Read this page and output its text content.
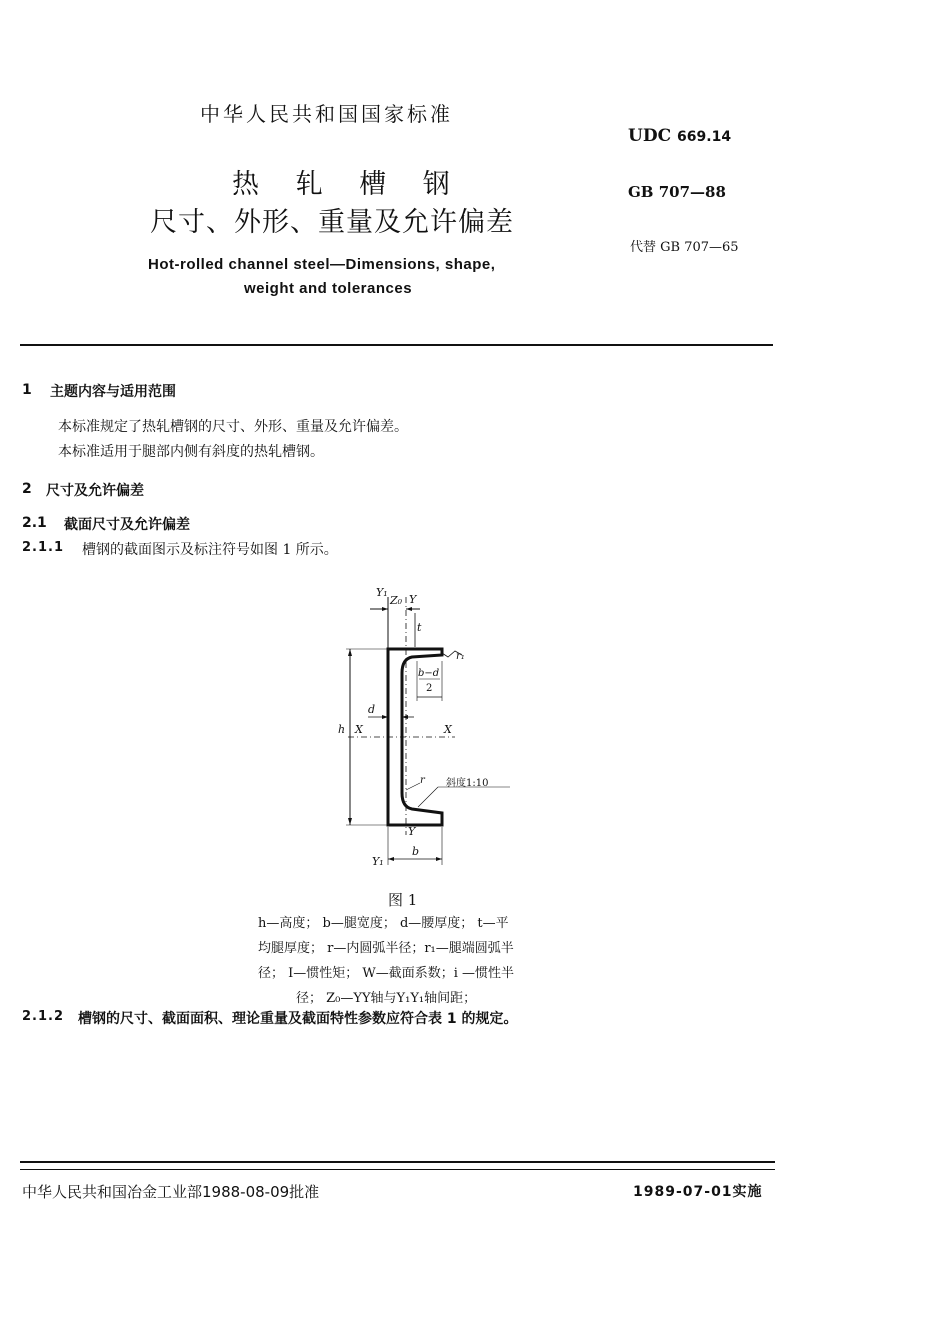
中华人民共和国国家标准
UDC 669.14
热 轧 槽 钢
尺寸、外形、重量及允许偏差
GB 707—88
代替 GB 707—65
Hot-rolled channel steel—Dimensions, shape,
weight and tolerances
1 主题内容与适用范围
本标准规定了热轧槽钢的尺寸、外形、重量及允许偏差。
本标准适用于腿部内侧有斜度的热轧槽钢。
2 尺寸及允许偏差
2.1 截面尺寸及允许偏差
2.1.1 槽钢的截面图示及标注符号如图 1 所示。
Y₁
Z₀ Y
t
r₁
b−d
2
d
h X	X
r 斜度1:10
Y
Y₁
b
图 1
h—高度； b—腿宽度； d—腰厚度； t—平
均腿厚度； r—内圆弧半径；r₁—腿端圆弧半
径； I—惯性矩； W—截面系数；i —惯性半
径； Z₀—YY轴与Y₁Y₁轴间距；
2.1.2 槽钢的尺寸、截面面积、理论重量及截面特性参数应符合表 1 的规定。
中华人民共和国冶金工业部1988-08-09批准	1989-07-01实施
